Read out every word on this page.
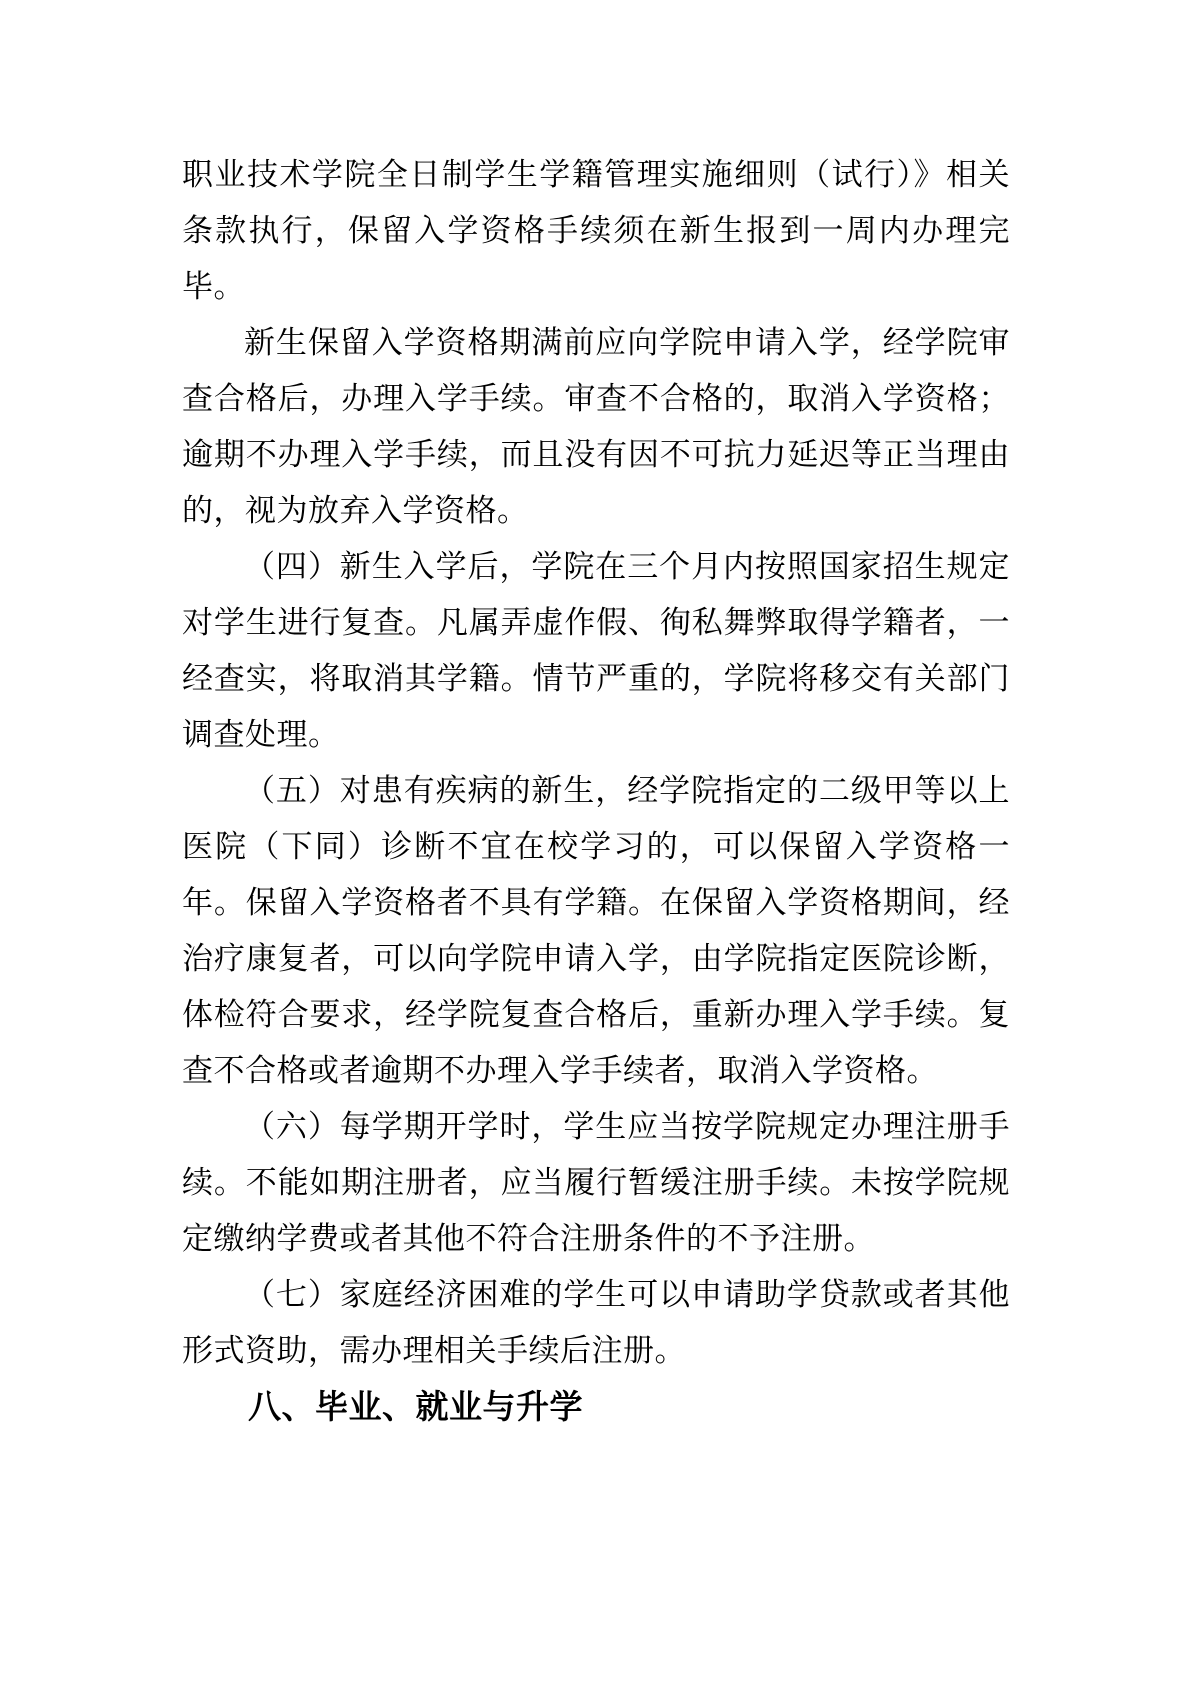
职业技术学院全日制学生学籍管理实施细则（试行）》相关条款执行，保留入学资格手续须在新生报到一周内办理完毕。

新生保留入学资格期满前应向学院申请入学，经学院审查合格后，办理入学手续。审查不合格的，取消入学资格；逾期不办理入学手续，而且没有因不可抗力延迟等正当理由的，视为放弃入学资格。

（四）新生入学后，学院在三个月内按照国家招生规定对学生进行复查。凡属弄虚作假、徇私舞弊取得学籍者，一经查实，将取消其学籍。情节严重的，学院将移交有关部门调查处理。

（五）对患有疾病的新生，经学院指定的二级甲等以上医院（下同）诊断不宜在校学习的，可以保留入学资格一年。保留入学资格者不具有学籍。在保留入学资格期间，经治疗康复者，可以向学院申请入学，由学院指定医院诊断，体检符合要求，经学院复查合格后，重新办理入学手续。复查不合格或者逾期不办理入学手续者，取消入学资格。

（六）每学期开学时，学生应当按学院规定办理注册手续。不能如期注册者，应当履行暂缓注册手续。未按学院规定缴纳学费或者其他不符合注册条件的不予注册。

（七）家庭经济困难的学生可以申请助学贷款或者其他形式资助，需办理相关手续后注册。

八、毕业、就业与升学
